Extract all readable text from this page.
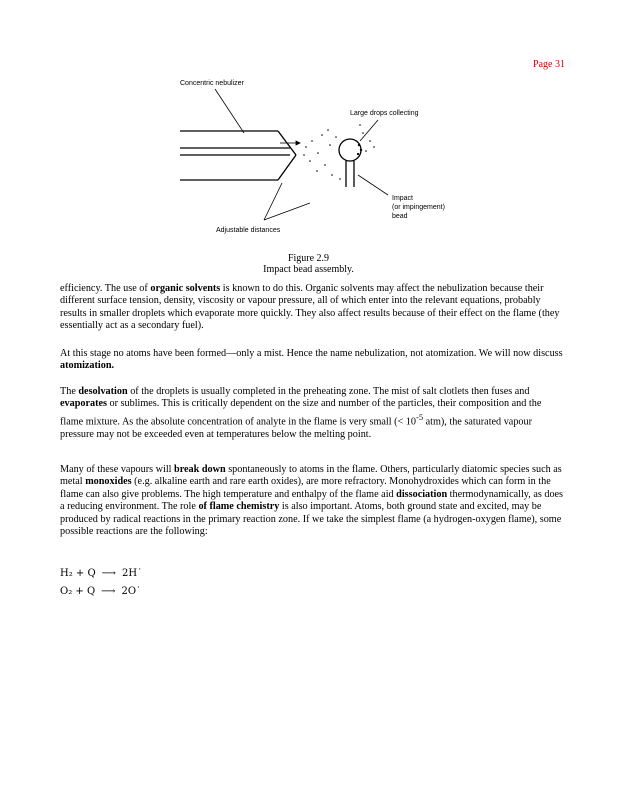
Page 31
Concentric nebulizer
Large drops collecting
Impact
(or impingement)
bead
Adjustable distances
Figure 2.9
Impact bead assembly.

efficiency. The use of organic solvents is known to do this. Organic solvents may affect the nebulization because their different surface tension, density, viscosity or vapour pressure, all of which enter into the relevant equations, probably results in smaller droplets which evaporate more quickly. They also affect results because of their effect on the flame (they essentially act as a secondary fuel).

At this stage no atoms have been formed—only a mist. Hence the name nebulization, not atomization. We will now discuss atomization.

The desolvation of the droplets is usually completed in the preheating zone. The mist of salt clotlets then fuses and evaporates or sublimes. This is critically dependent on the size and number of the particles, their composition and the flame mixture. As the absolute concentration of analyte in the flame is very small (< $10^{-5}$ atm), the saturated vapour pressure may not be exceeded even at temperatures below the melting point.

Many of these vapours will break down spontaneously to atoms in the flame. Others, particularly diatomic species such as metal monoxides (e.g. alkaline earth and rare earth oxides), are more refractory. Monohydroxides which can form in the flame can also give problems. The high temperature and enthalpy of the flame aid dissociation thermodynamically, as does a reducing environment. The role of flame chemistry is also important. Atoms, both ground state and excited, may be produced by radical reactions in the primary reaction zone. If we take the simplest flame (a hydrogen-oxygen flame), some possible reactions are the following:

H₂ + Q ⟶ 2H˙
O₂ + Q ⟶ 2O˙
